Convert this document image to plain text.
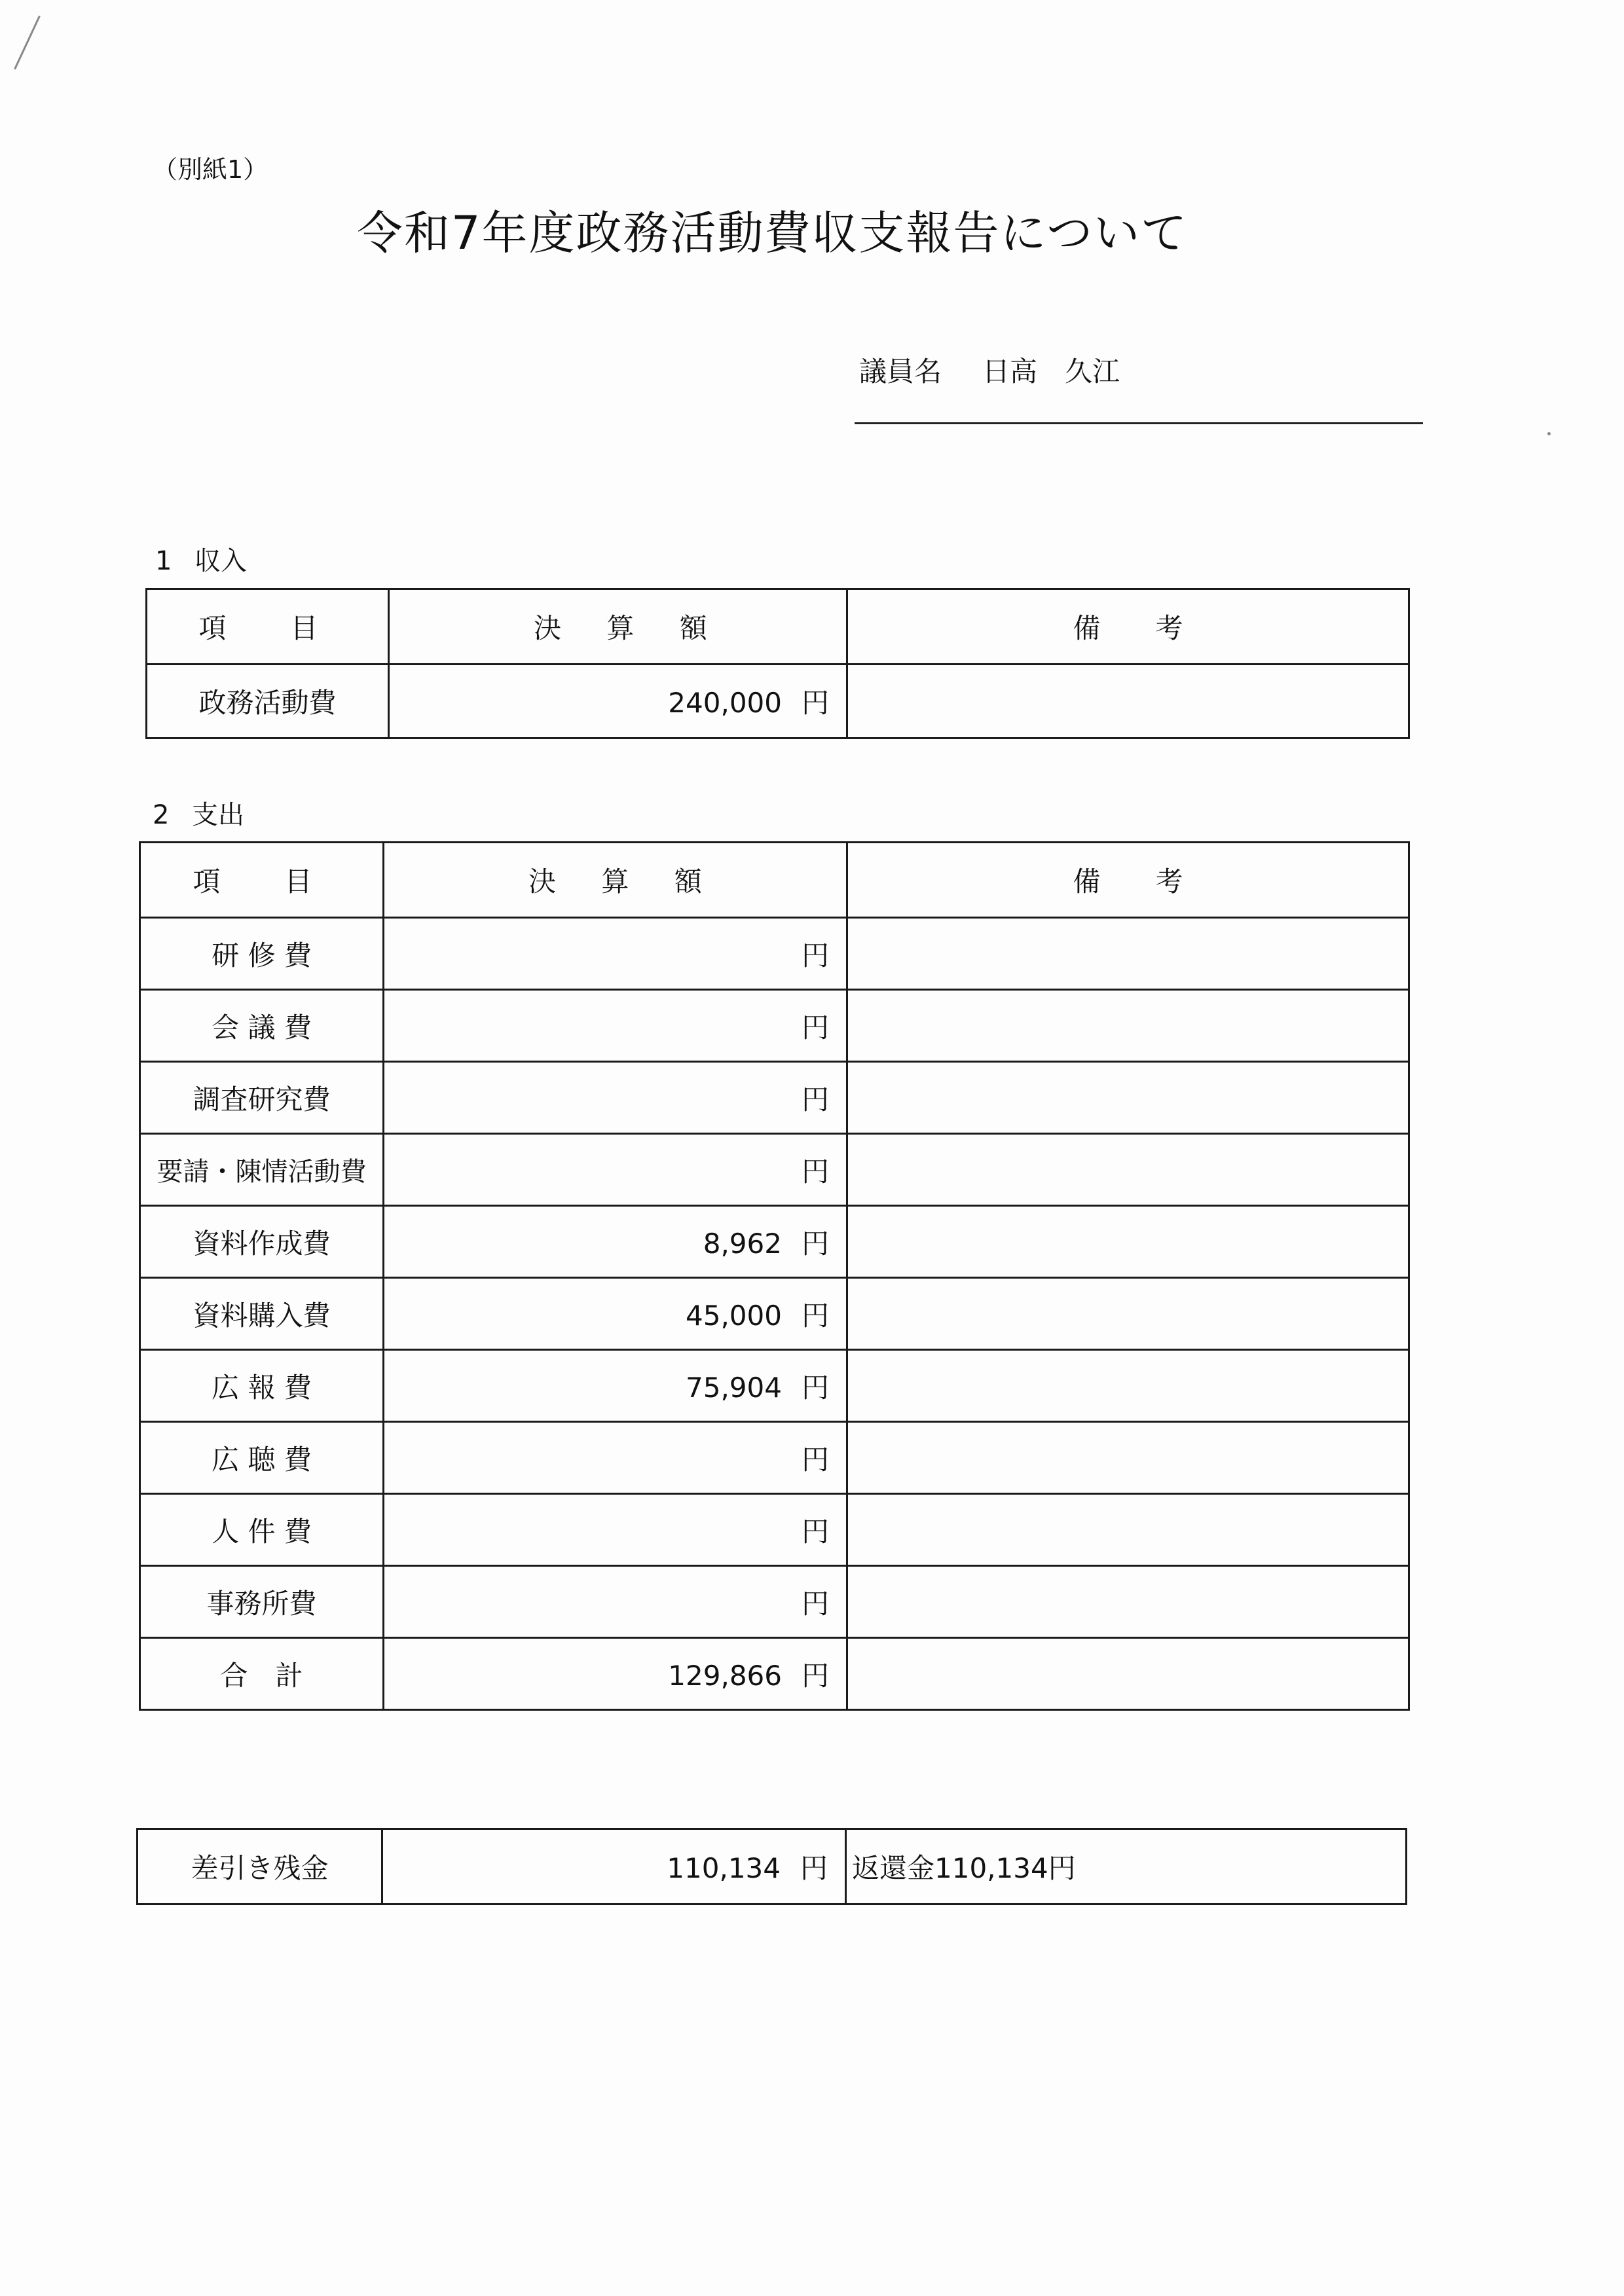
（別紙1）
令和7年度政務活動費収支報告について
議員名 日高　久江
1 収入
項　目	決 算 額	備　　考
政務活動費	240,000 円	
2 支出
項　目	決 算 額	備　　考
研 修 費	円	
会 議 費	円	
調査研究費	円	
要請・陳情活動費	円	
資料作成費	8,962 円	
資料購入費	45,000 円	
広 報 費	75,904 円	
広 聴 費	円	
人 件 費	円	
事務所費	円	
合　計	129,866 円	
差引き残金	110,134 円	返還金110,134円
